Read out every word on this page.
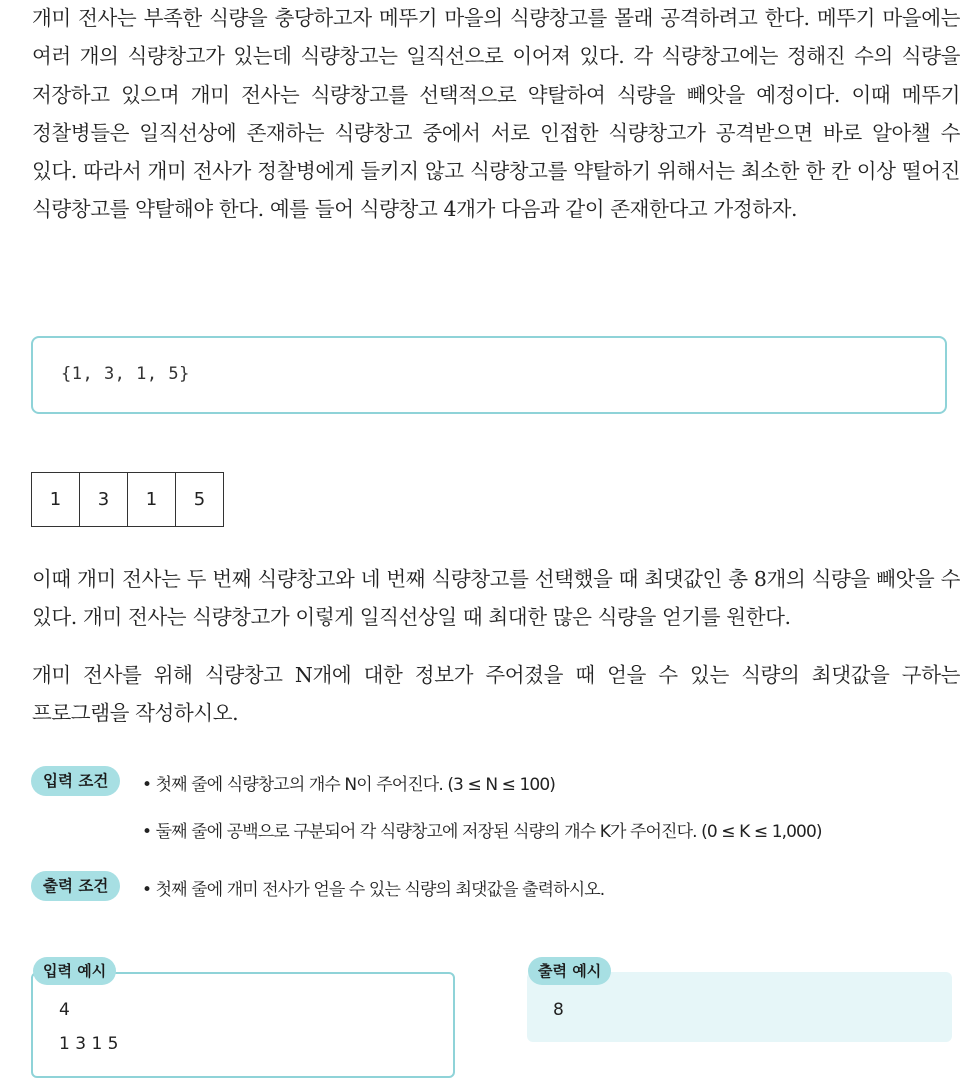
개미 전사는 부족한 식량을 충당하고자 메뚜기 마을의 식량창고를 몰래 공격하려고 한다. 메뚜기 마을에는 여러 개의 식량창고가 있는데 식량창고는 일직선으로 이어져 있다. 각 식량창고에는 정해진 수의 식량을 저장하고 있으며 개미 전사는 식량창고를 선택적으로 약탈하여 식량을 빼앗을 예정이다. 이때 메뚜기 정찰병들은 일직선상에 존재하는 식량창고 중에서 서로 인접한 식량창고가 공격받으면 바로 알아챌 수 있다. 따라서 개미 전사가 정찰병에게 들키지 않고 식량창고를 약탈하기 위해서는 최소한 한 칸 이상 떨어진 식량창고를 약탈해야 한다. 예를 들어 식량창고 4개가 다음과 같이 존재한다고 가정하자.

{1, 3, 1, 5}
1	3	1	5

이때 개미 전사는 두 번째 식량창고와 네 번째 식량창고를 선택했을 때 최댓값인 총 8개의 식량을 빼앗을 수 있다. 개미 전사는 식량창고가 이렇게 일직선상일 때 최대한 많은 식량을 얻기를 원한다.

개미 전사를 위해 식량창고 N개에 대한 정보가 주어졌을 때 얻을 수 있는 식량의 최댓값을 구하는 프로그램을 작성하시오.

입력 조건	• 첫째 줄에 식량창고의 개수 N이 주어진다. (3 ≤ N ≤ 100)
• 둘째 줄에 공백으로 구분되어 각 식량창고에 저장된 식량의 개수 K가 주어진다. (0 ≤ K ≤ 1,000)
출력 조건	• 첫째 줄에 개미 전사가 얻을 수 있는 식량의 최댓값을 출력하시오.
입력 예시
4
1 3 1 5
출력 예시
8
